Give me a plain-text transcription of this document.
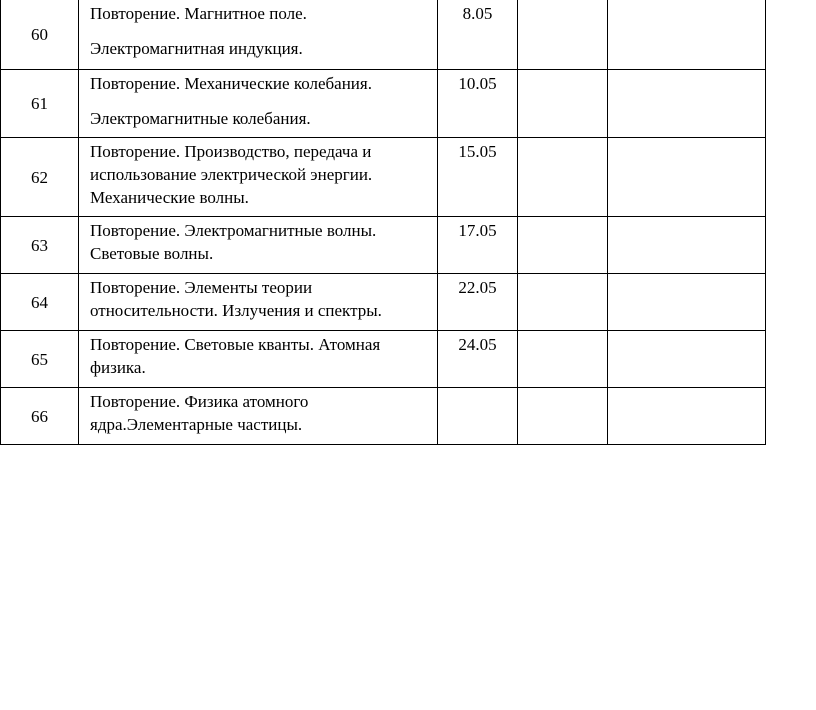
60	Повторение. Магнитное поле.

Электромагнитная индукция.	8.05		
61	Повторение. Механические колебания.

Электромагнитные колебания.	10.05		
62	Повторение. Производство, передача и

использование электрической энергии.

Механические волны.	15.05		
63	Повторение. Электромагнитные волны.

Световые волны.	17.05		
64	Повторение. Элементы теории

относительности. Излучения и спектры.	22.05		
65	Повторение. Световые кванты. Атомная

физика.	24.05		
66	Повторение. Физика атомного

ядра.Элементарные частицы.			
